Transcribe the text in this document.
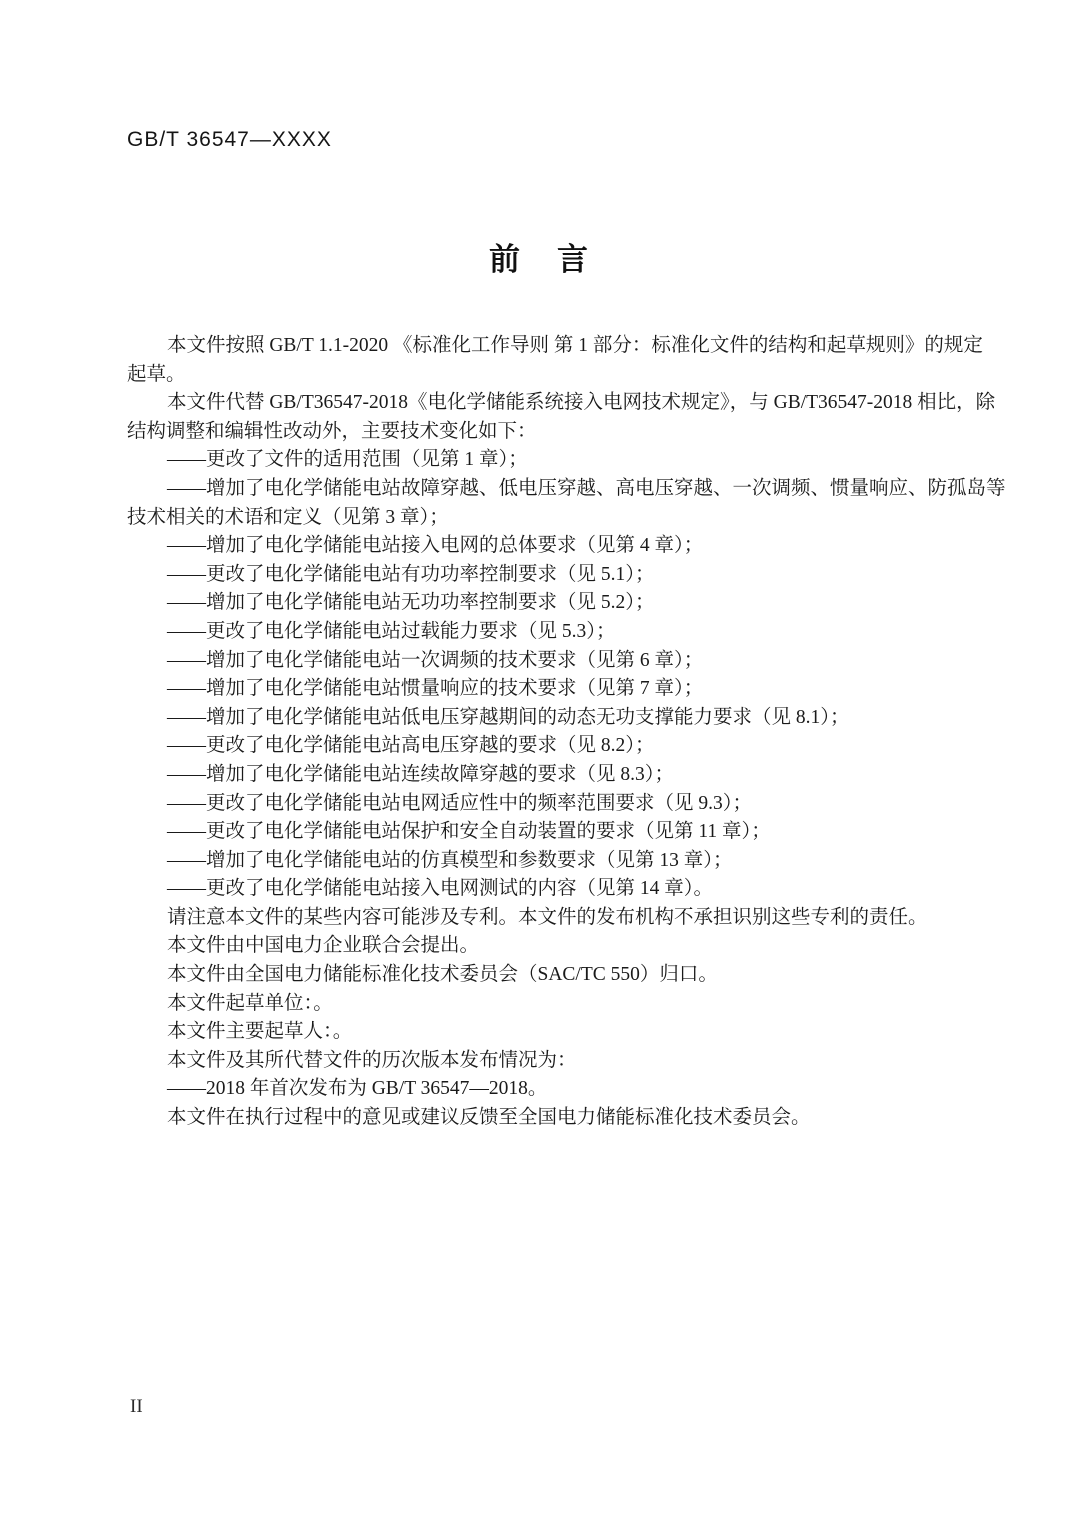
GB/T 36547—XXXX
前　言
本文件按照 GB/T 1.1-2020 《标准化工作导则 第 1 部分：标准化文件的结构和起草规则》的规定
起草。
本文件代替 GB/T36547-2018《电化学储能系统接入电网技术规定》，与 GB/T36547-2018 相比，除
结构调整和编辑性改动外，主要技术变化如下：
——更改了文件的适用范围（见第 1 章）；
——增加了电化学储能电站故障穿越、低电压穿越、高电压穿越、一次调频、惯量响应、防孤岛等
技术相关的术语和定义（见第 3 章）；
——增加了电化学储能电站接入电网的总体要求（见第 4 章）；
——更改了电化学储能电站有功功率控制要求（见 5.1）；
——增加了电化学储能电站无功功率控制要求（见 5.2）；
——更改了电化学储能电站过载能力要求（见 5.3）；
——增加了电化学储能电站一次调频的技术要求（见第 6 章）；
——增加了电化学储能电站惯量响应的技术要求（见第 7 章）；
——增加了电化学储能电站低电压穿越期间的动态无功支撑能力要求（见 8.1）；
——更改了电化学储能电站高电压穿越的要求（见 8.2）；
——增加了电化学储能电站连续故障穿越的要求（见 8.3）；
——更改了电化学储能电站电网适应性中的频率范围要求（见 9.3）；
——更改了电化学储能电站保护和安全自动装置的要求（见第 11 章）；
——增加了电化学储能电站的仿真模型和参数要求（见第 13 章）；
——更改了电化学储能电站接入电网测试的内容（见第 14 章）。
请注意本文件的某些内容可能涉及专利。本文件的发布机构不承担识别这些专利的责任。
本文件由中国电力企业联合会提出。
本文件由全国电力储能标准化技术委员会（SAC/TC 550）归口。
本文件起草单位：。
本文件主要起草人：。
本文件及其所代替文件的历次版本发布情况为：
——2018 年首次发布为 GB/T 36547—2018。
本文件在执行过程中的意见或建议反馈至全国电力储能标准化技术委员会。
II
